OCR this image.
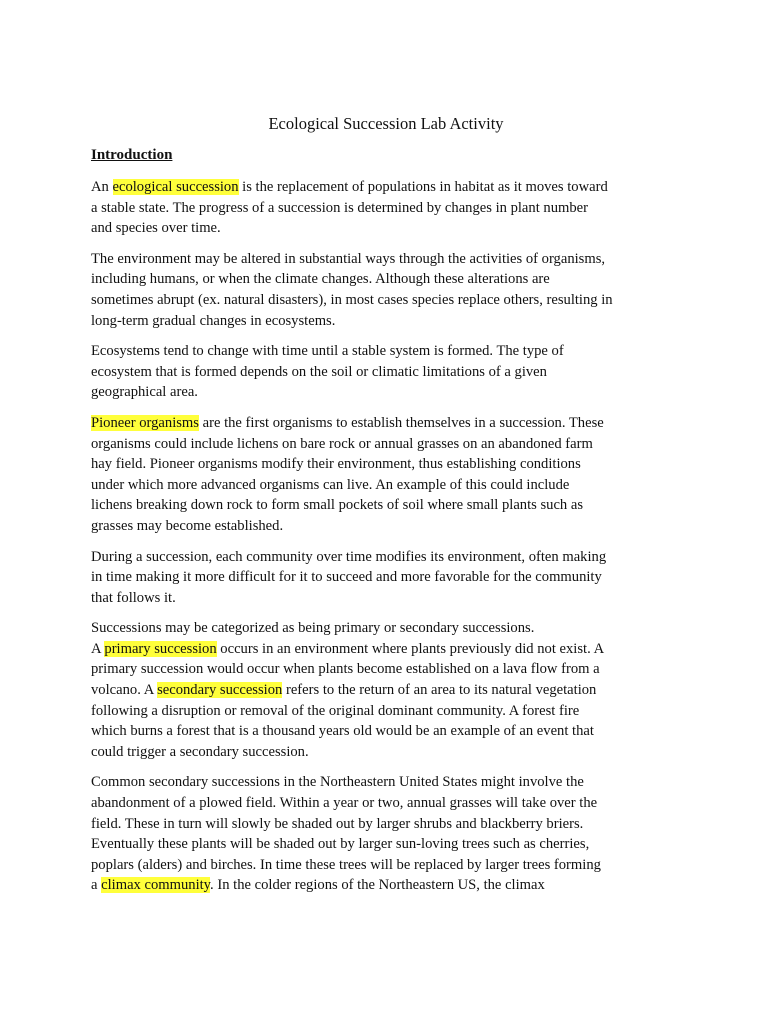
Ecological Succession Lab Activity
Introduction
An ecological succession is the replacement of populations in habitat as it moves toward
a stable state. The progress of a succession is determined by changes in plant number
and species over time.
The environment may be altered in substantial ways through the activities of organisms,
including humans, or when the climate changes. Although these alterations are
sometimes abrupt (ex. natural disasters), in most cases species replace others, resulting in
long-term gradual changes in ecosystems.
Ecosystems tend to change with time until a stable system is formed. The type of
ecosystem that is formed depends on the soil or climatic limitations of a given
geographical area.
Pioneer organisms are the first organisms to establish themselves in a succession. These
organisms could include lichens on bare rock or annual grasses on an abandoned farm
hay field. Pioneer organisms modify their environment, thus establishing conditions
under which more advanced organisms can live. An example of this could include
lichens breaking down rock to form small pockets of soil where small plants such as
grasses may become established.
During a succession, each community over time modifies its environment, often making
in time making it more difficult for it to succeed and more favorable for the community
that follows it.
Successions may be categorized as being primary or secondary successions.
A primary succession occurs in an environment where plants previously did not exist. A
primary succession would occur when plants become established on a lava flow from a
volcano. A secondary succession refers to the return of an area to its natural vegetation
following a disruption or removal of the original dominant community. A forest fire
which burns a forest that is a thousand years old would be an example of an event that
could trigger a secondary succession.
Common secondary successions in the Northeastern United States might involve the
abandonment of a plowed field. Within a year or two, annual grasses will take over the
field. These in turn will slowly be shaded out by larger shrubs and blackberry briers.
Eventually these plants will be shaded out by larger sun-loving trees such as cherries,
poplars (alders) and birches. In time these trees will be replaced by larger trees forming
a climax community. In the colder regions of the Northeastern US, the climax
